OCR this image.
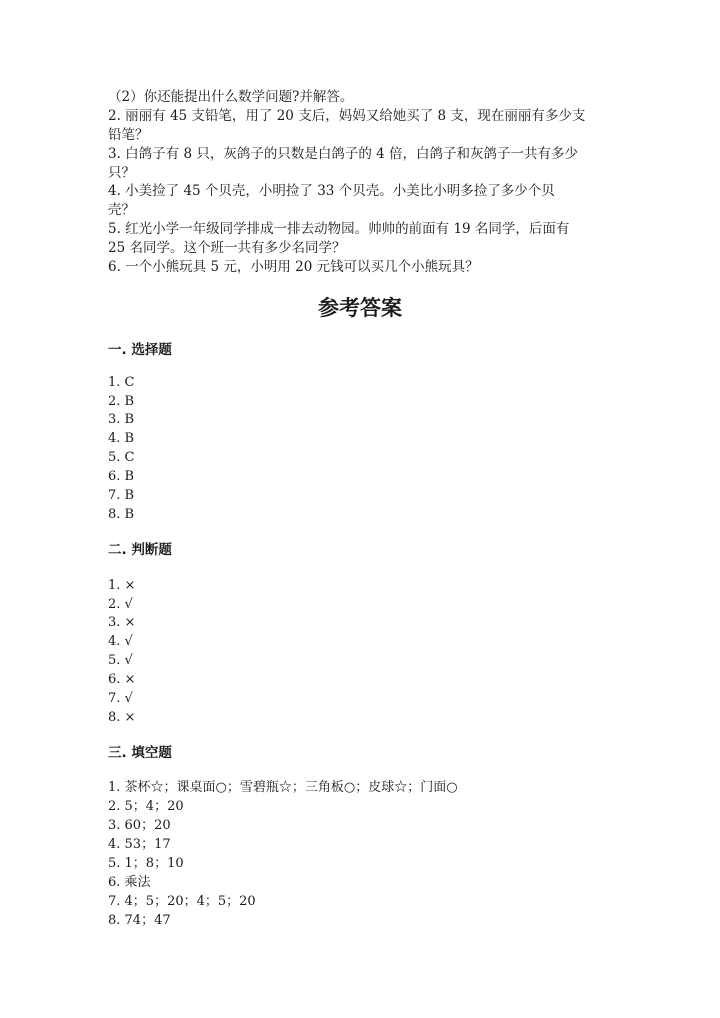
（2）你还能提出什么数学问题?并解答。
2. 丽丽有 45 支铅笔，用了 20 支后，妈妈又给她买了 8 支，现在丽丽有多少支
铅笔？
3. 白鸽子有 8 只，灰鸽子的只数是白鸽子的 4 倍，白鸽子和灰鸽子一共有多少
只？
4. 小美捡了 45 个贝壳，小明捡了 33 个贝壳。小美比小明多捡了多少个贝
壳？
5. 红光小学一年级同学排成一排去动物园。帅帅的前面有 19 名同学，后面有
25 名同学。这个班一共有多少名同学？
6. 一个小熊玩具 5 元，小明用 20 元钱可以买几个小熊玩具？
参考答案
一. 选择题
1. C
2. B
3. B
4. B
5. C
6. B
7. B
8. B
二. 判断题
1. ×
2. √
3. ×
4. √
5. √
6. ×
7. √
8. ×
三. 填空题
1. 茶杯☆；课桌面○；雪碧瓶☆；三角板○；皮球☆；门面○
2. 5；4；20
3. 60；20
4. 53；17
5. 1；8；10
6. 乘法
7. 4；5；20；4；5；20
8. 74；47
